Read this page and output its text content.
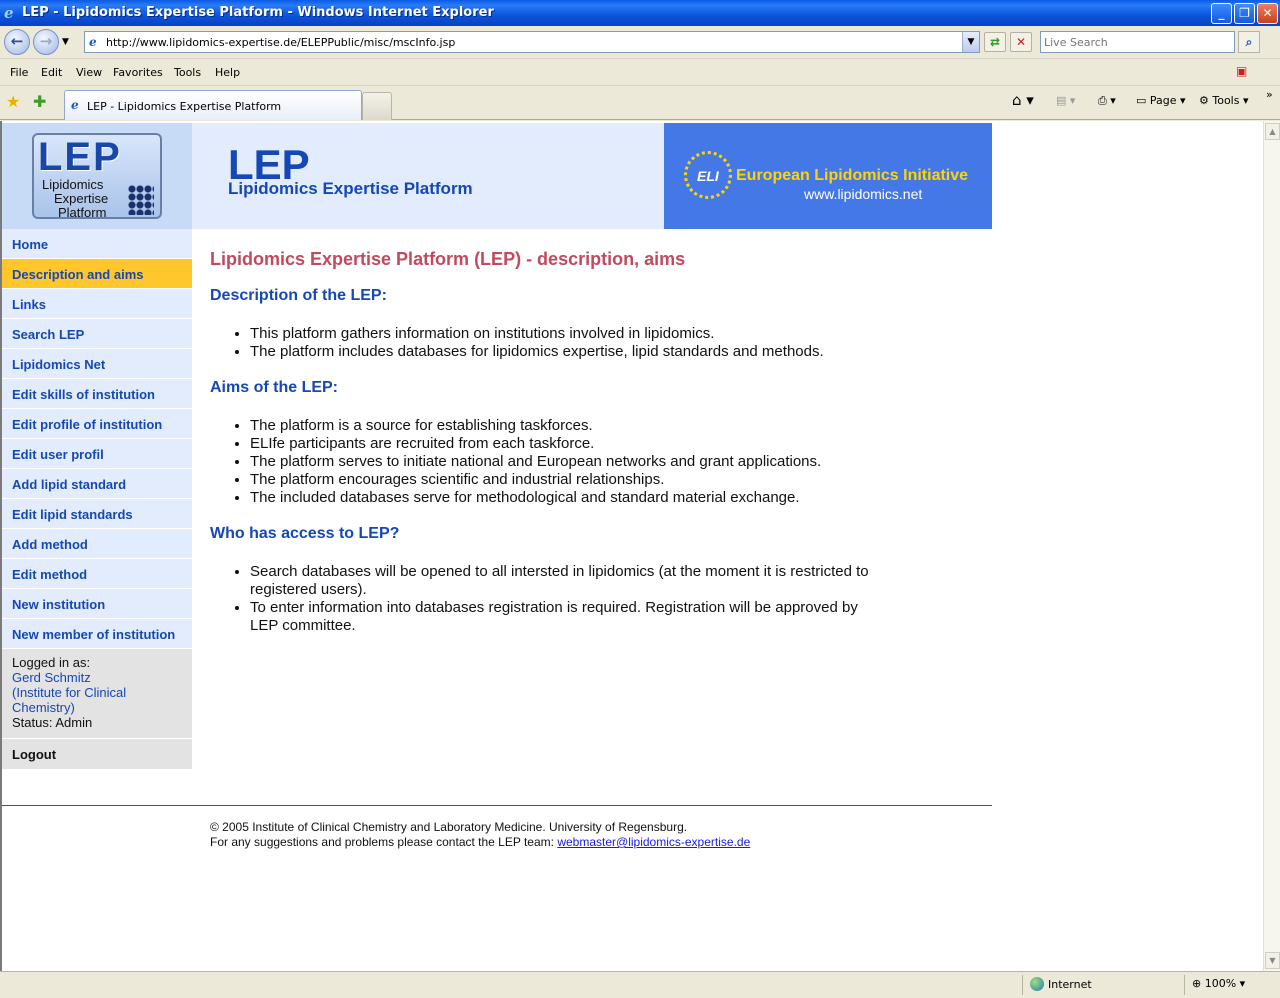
e LEP - Lipidomics Expertise Platform - Windows Internet Explorer	_	❐	✕
←	→	▼ e http://www.lipidomics-expertise.de/ELEPPublic/misc/mscInfo.jsp	▼	⇄	✕
Live Search	⌕
File Edit View Favorites Tools Help	▣
★ ✚ e LEP - Lipidomics Expertise Platform	⌂ ▾ ▤ ▾ ⎙ ▾ ▭ Page ▾ ⚙ Tools ▾ »
LEP
Lipidomics
Expertise
Platform
LEP
Lipidomics Expertise Platform
ELI European Lipidomics Initiative
www.lipidomics.net
Home
Description and aims
Links
Search LEP
Lipidomics Net
Edit skills of institution
Edit profile of institution
Edit user profil
Add lipid standard
Edit lipid standards
Add method
Edit method
New institution
New member of institution
Logged in as:
Gerd Schmitz
(Institute for Clinical
Chemistry)
Status: Admin
Logout
Lipidomics Expertise Platform (LEP) - description, aims
Description of the LEP:
• This platform gathers information on institutions involved in lipidomics.
• The platform includes databases for lipidomics expertise, lipid standards and methods.
Aims of the LEP:
• The platform is a source for establishing taskforces.
• ELIfe participants are recruited from each taskforce.
• The platform serves to initiate national and European networks and grant applications.
• The platform encourages scientific and industrial relationships.
• The included databases serve for methodological and standard material exchange.
Who has access to LEP?
• Search databases will be opened to all intersted in lipidomics (at the moment it is restricted to registered users).
• To enter information into databases registration is required. Registration will be approved by LEP committee.
© 2005 Institute of Clinical Chemistry and Laboratory Medicine. University of Regensburg.
For any suggestions and problems please contact the LEP team: webmaster@lipidomics-expertise.de
▲
▼
Internet	⊕ 100% ▾
